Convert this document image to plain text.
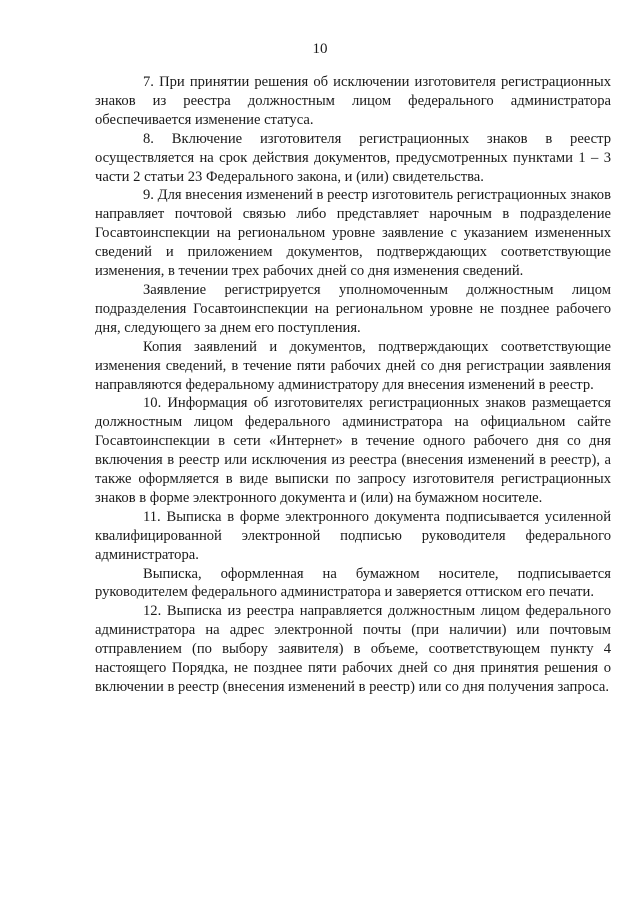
10

7. При принятии решения об исключении изготовителя регистрационных знаков из реестра должностным лицом федерального администратора обеспечивается изменение статуса.

8. Включение изготовителя регистрационных знаков в реестр осуществляется на срок действия документов, предусмотренных пунктами 1 – 3 части 2 статьи 23 Федерального закона, и (или) свидетельства.

9. Для внесения изменений в реестр изготовитель регистрационных знаков направляет почтовой связью либо представляет нарочным в подразделение Госавтоинспекции на региональном уровне заявление с указанием измененных сведений и приложением документов, подтверждающих соответствующие изменения, в течении трех рабочих дней со дня изменения сведений.

Заявление регистрируется уполномоченным должностным лицом подразделения Госавтоинспекции на региональном уровне не позднее рабочего дня, следующего за днем его поступления.

Копия заявлений и документов, подтверждающих соответствующие изменения сведений, в течение пяти рабочих дней со дня регистрации заявления направляются федеральному администратору для внесения изменений в реестр.

10. Информация об изготовителях регистрационных знаков размещается должностным лицом федерального администратора на официальном сайте Госавтоинспекции в сети «Интернет» в течение одного рабочего дня со дня включения в реестр или исключения из реестра (внесения изменений в реестр), а также оформляется в виде выписки по запросу изготовителя регистрационных знаков в форме электронного документа и (или) на бумажном носителе.

11. Выписка в форме электронного документа подписывается усиленной квалифицированной электронной подписью руководителя федерального администратора.

Выписка, оформленная на бумажном носителе, подписывается руководителем федерального администратора и заверяется оттиском его печати.

12. Выписка из реестра направляется должностным лицом федерального администратора на адрес электронной почты (при наличии) или почтовым отправлением (по выбору заявителя) в объеме, соответствующем пункту 4 настоящего Порядка, не позднее пяти рабочих дней со дня принятия решения о включении в реестр (внесения изменений в реестр) или со дня получения запроса.
